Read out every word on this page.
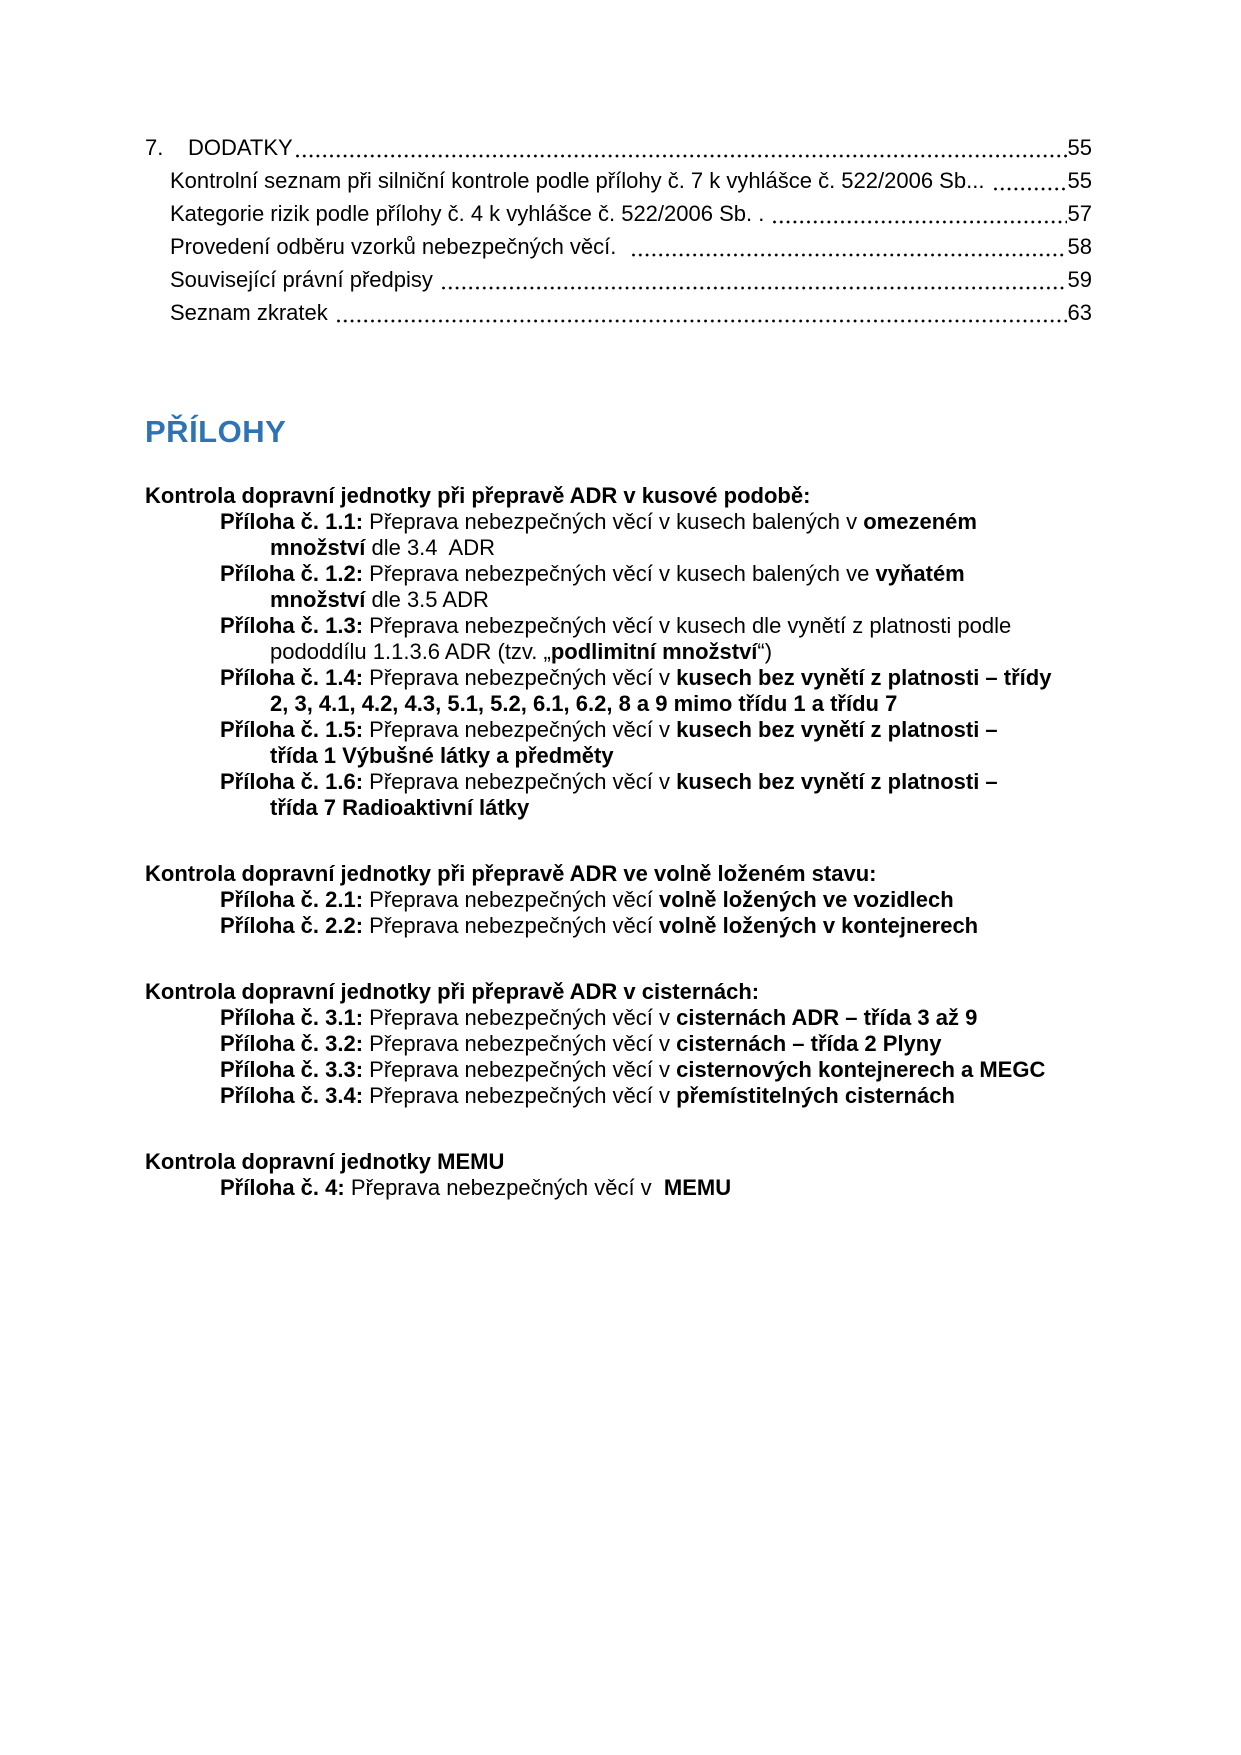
7.	DODATKY	55
Kontrolní seznam při silniční kontrole podle přílohy č. 7 k vyhlášce č. 522/2006 Sb...	55
Kategorie rizik podle přílohy č. 4 k vyhlášce č. 522/2006 Sb. .	57
Provedení odběru vzorků nebezpečných věcí.	58
Související právní předpisy	59
Seznam zkratek	63
PŘÍLOHY
Kontrola dopravní jednotky při přepravě ADR v kusové podobě:
Příloha č. 1.1: Přeprava nebezpečných věcí v kusech balených v omezeném
množství dle 3.4  ADR
Příloha č. 1.2: Přeprava nebezpečných věcí v kusech balených ve vyňatém
množství dle 3.5 ADR
Příloha č. 1.3: Přeprava nebezpečných věcí v kusech dle vynětí z platnosti podle
pododdílu 1.1.3.6 ADR (tzv. „podlimitní množství“)
Příloha č. 1.4: Přeprava nebezpečných věcí v kusech bez vynětí z platnosti – třídy
2, 3, 4.1, 4.2, 4.3, 5.1, 5.2, 6.1, 6.2, 8 a 9 mimo třídu 1 a třídu 7
Příloha č. 1.5: Přeprava nebezpečných věcí v kusech bez vynětí z platnosti –
třída 1 Výbušné látky a předměty
Příloha č. 1.6: Přeprava nebezpečných věcí v kusech bez vynětí z platnosti –
třída 7 Radioaktivní látky
Kontrola dopravní jednotky při přepravě ADR ve volně loženém stavu:
Příloha č. 2.1: Přeprava nebezpečných věcí volně ložených ve vozidlech
Příloha č. 2.2: Přeprava nebezpečných věcí volně ložených v kontejnerech
Kontrola dopravní jednotky při přepravě ADR v cisternách:
Příloha č. 3.1: Přeprava nebezpečných věcí v cisternách ADR – třída 3 až 9
Příloha č. 3.2: Přeprava nebezpečných věcí v cisternách – třída 2 Plyny
Příloha č. 3.3: Přeprava nebezpečných věcí v cisternových kontejnerech a MEGC
Příloha č. 3.4: Přeprava nebezpečných věcí v přemístitelných cisternách
Kontrola dopravní jednotky MEMU
Příloha č. 4: Přeprava nebezpečných věcí v  MEMU
